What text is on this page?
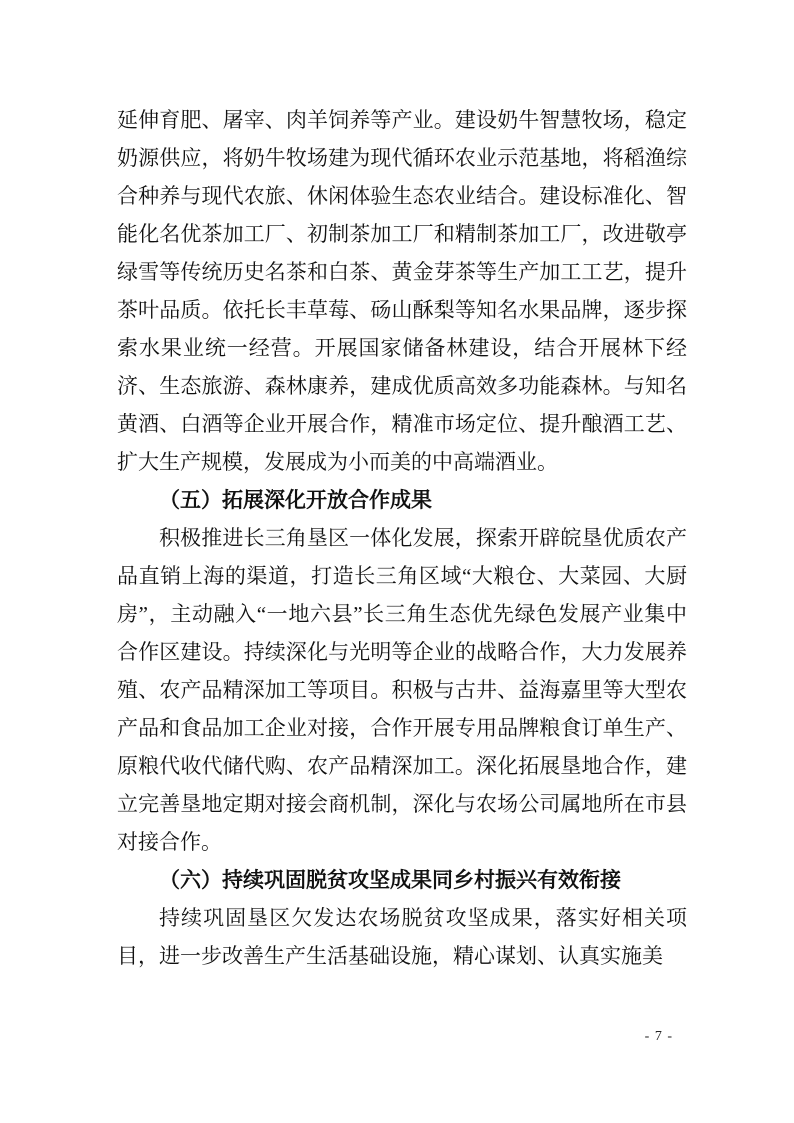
延伸育肥、屠宰、肉羊饲养等产业。建设奶牛智慧牧场，稳定奶源供应，将奶牛牧场建为现代循环农业示范基地，将稻渔综合种养与现代农旅、休闲体验生态农业结合。建设标准化、智能化名优茶加工厂、初制茶加工厂和精制茶加工厂，改进敬亭绿雪等传统历史名茶和白茶、黄金芽茶等生产加工工艺，提升茶叶品质。依托长丰草莓、砀山酥梨等知名水果品牌，逐步探索水果业统一经营。开展国家储备林建设，结合开展林下经济、生态旅游、森林康养，建成优质高效多功能森林。与知名黄酒、白酒等企业开展合作，精准市场定位、提升酿酒工艺、扩大生产规模，发展成为小而美的中高端酒业。

（五）拓展深化开放合作成果

积极推进长三角垦区一体化发展，探索开辟皖垦优质农产品直销上海的渠道，打造长三角区域“大粮仓、大菜园、大厨房”，主动融入“一地六县”长三角生态优先绿色发展产业集中合作区建设。持续深化与光明等企业的战略合作，大力发展养殖、农产品精深加工等项目。积极与古井、益海嘉里等大型农产品和食品加工企业对接，合作开展专用品牌粮食订单生产、原粮代收代储代购、农产品精深加工。深化拓展垦地合作，建立完善垦地定期对接会商机制，深化与农场公司属地所在市县对接合作。

（六）持续巩固脱贫攻坚成果同乡村振兴有效衔接

持续巩固垦区欠发达农场脱贫攻坚成果，落实好相关项目，进一步改善生产生活基础设施，精心谋划、认真实施美

- 7 -
